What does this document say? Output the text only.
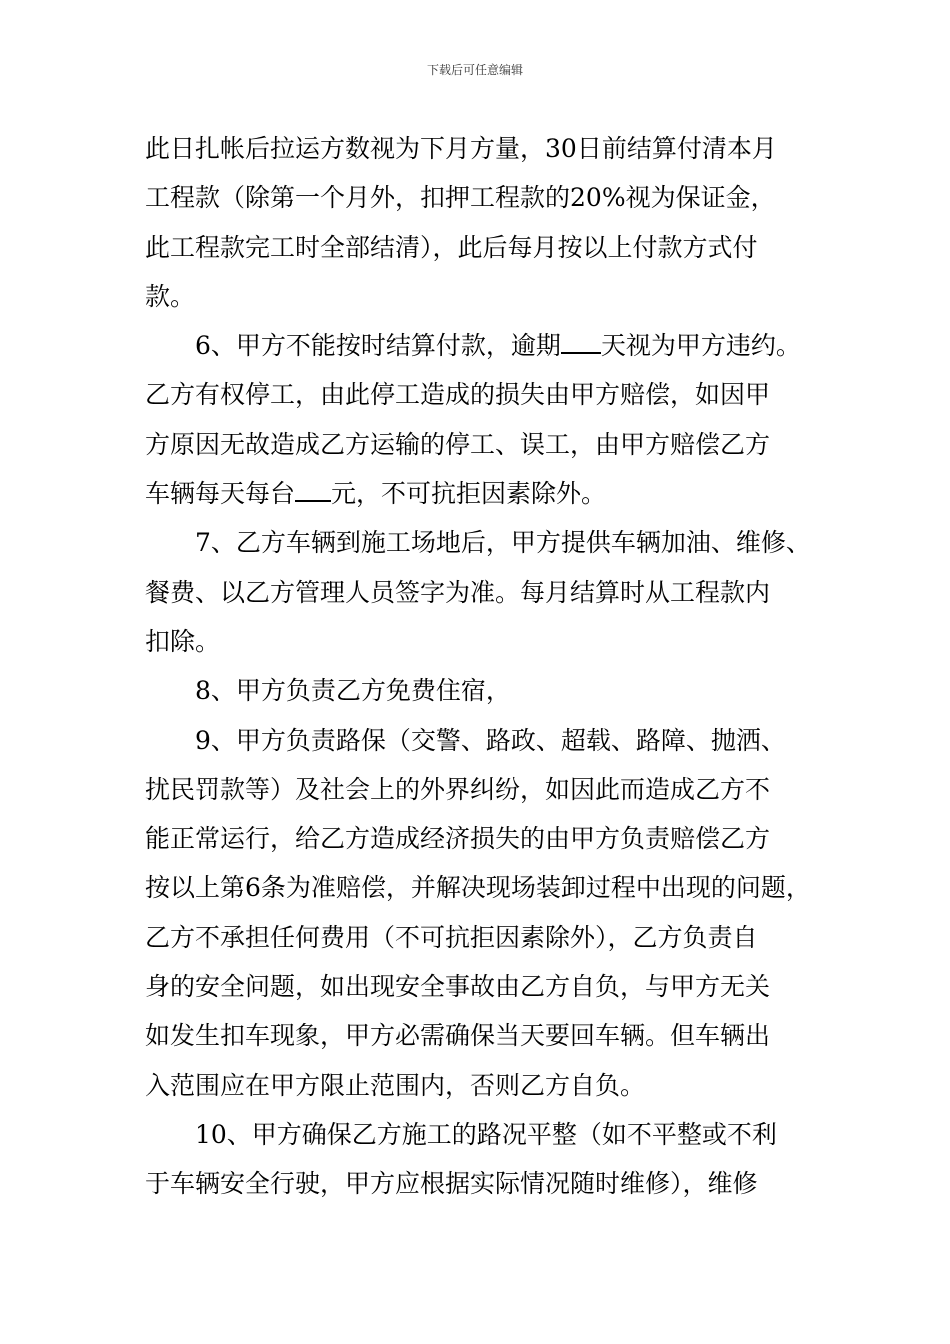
下载后可任意编辑
此日扎帐后拉运方数视为下月方量，30日前结算付清本月
工程款（除第一个月外，扣押工程款的20%视为保证金，
此工程款完工时全部结清），此后每月按以上付款方式付
款。
6、甲方不能按时结算付款，逾期 天视为甲方违约。
乙方有权停工，由此停工造成的损失由甲方赔偿，如因甲
方原因无故造成乙方运输的停工、误工，由甲方赔偿乙方
车辆每天每台 元，不可抗拒因素除外。
7、乙方车辆到施工场地后，甲方提供车辆加油、维修、
餐费、以乙方管理人员签字为准。每月结算时从工程款内
扣除。
8、甲方负责乙方免费住宿，
9、甲方负责路保（交警、路政、超载、路障、抛洒、
扰民罚款等）及社会上的外界纠纷，如因此而造成乙方不
能正常运行，给乙方造成经济损失的由甲方负责赔偿乙方
按以上第6条为准赔偿，并解决现场装卸过程中出现的问题，
乙方不承担任何费用（不可抗拒因素除外），乙方负责自
身的安全问题，如出现安全事故由乙方自负，与甲方无关
如发生扣车现象，甲方必需确保当天要回车辆。但车辆出
入范围应在甲方限止范围内，否则乙方自负。
10、甲方确保乙方施工的路况平整（如不平整或不利
于车辆安全行驶，甲方应根据实际情况随时维修），维修
